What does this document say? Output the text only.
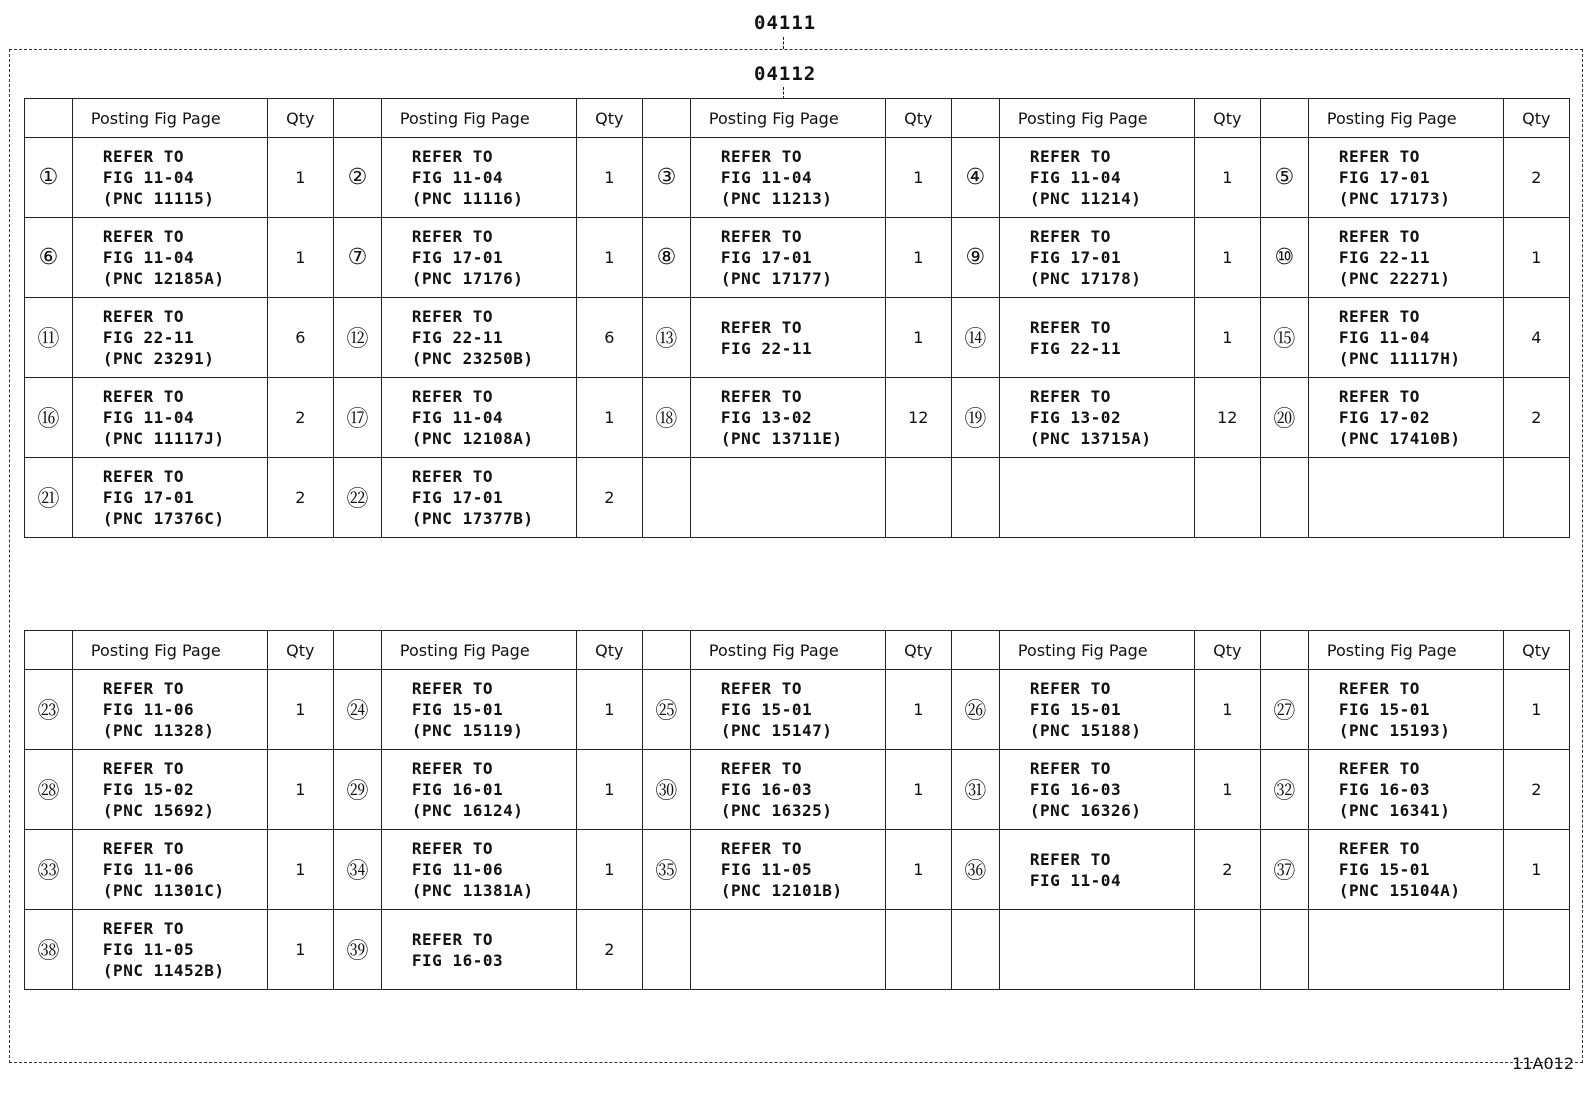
04111
04112
	Posting Fig Page	Qty		Posting Fig Page	Qty		Posting Fig Page	Qty		Posting Fig Page	Qty		Posting Fig Page	Qty
①	REFER TO
FIG 11-04
(PNC 11115)	1	②	REFER TO
FIG 11-04
(PNC 11116)	1	③	REFER TO
FIG 11-04
(PNC 11213)	1	④	REFER TO
FIG 11-04
(PNC 11214)	1	⑤	REFER TO
FIG 17-01
(PNC 17173)	2
⑥	REFER TO
FIG 11-04
(PNC 12185A)	1	⑦	REFER TO
FIG 17-01
(PNC 17176)	1	⑧	REFER TO
FIG 17-01
(PNC 17177)	1	⑨	REFER TO
FIG 17-01
(PNC 17178)	1	⑩	REFER TO
FIG 22-11
(PNC 22271)	1
⑪	REFER TO
FIG 22-11
(PNC 23291)	6	⑫	REFER TO
FIG 22-11
(PNC 23250B)	6	⑬	REFER TO
FIG 22-11	1	⑭	REFER TO
FIG 22-11	1	⑮	REFER TO
FIG 11-04
(PNC 11117H)	4
⑯	REFER TO
FIG 11-04
(PNC 11117J)	2	⑰	REFER TO
FIG 11-04
(PNC 12108A)	1	⑱	REFER TO
FIG 13-02
(PNC 13711E)	12	⑲	REFER TO
FIG 13-02
(PNC 13715A)	12	⑳	REFER TO
FIG 17-02
(PNC 17410B)	2
㉑	REFER TO
FIG 17-01
(PNC 17376C)	2	㉒	REFER TO
FIG 17-01
(PNC 17377B)	2		

	Posting Fig Page	Qty		Posting Fig Page	Qty		Posting Fig Page	Qty		Posting Fig Page	Qty		Posting Fig Page	Qty
㉓	REFER TO
FIG 11-06
(PNC 11328)	1	㉔	REFER TO
FIG 15-01
(PNC 15119)	1	㉕	REFER TO
FIG 15-01
(PNC 15147)	1	㉖	REFER TO
FIG 15-01
(PNC 15188)	1	㉗	REFER TO
FIG 15-01
(PNC 15193)	1
㉘	REFER TO
FIG 15-02
(PNC 15692)	1	㉙	REFER TO
FIG 16-01
(PNC 16124)	1	㉚	REFER TO
FIG 16-03
(PNC 16325)	1	㉛	REFER TO
FIG 16-03
(PNC 16326)	1	㉜	REFER TO
FIG 16-03
(PNC 16341)	2
㉝	REFER TO
FIG 11-06
(PNC 11301C)	1	㉞	REFER TO
FIG 11-06
(PNC 11381A)	1	㉟	REFER TO
FIG 11-05
(PNC 12101B)	1	㊱	REFER TO
FIG 11-04	2	㊲	REFER TO
FIG 15-01
(PNC 15104A)	1
㊳	REFER TO
FIG 11-05
(PNC 11452B)	1	㊴	REFER TO
FIG 16-03	2		

11A012
